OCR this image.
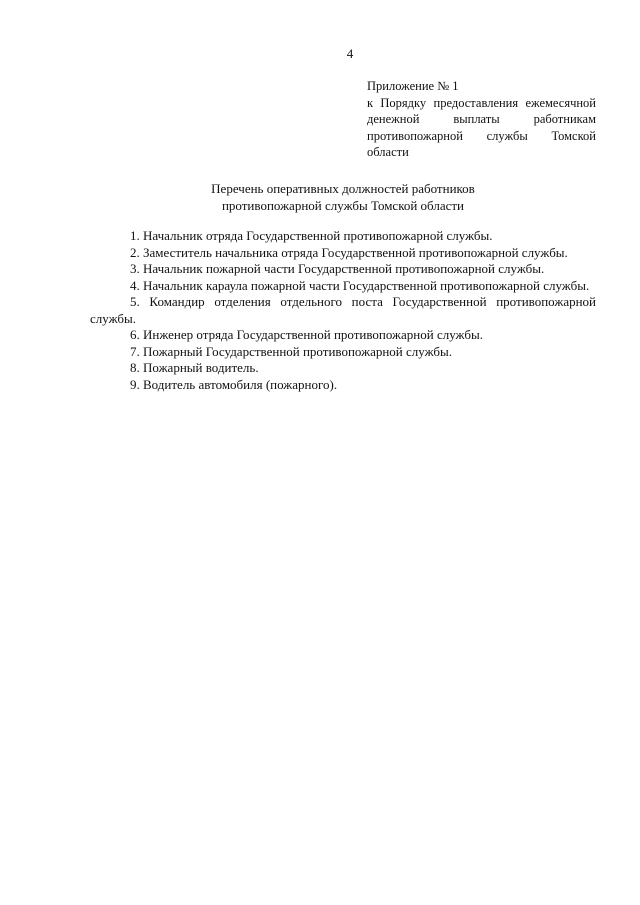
4
Приложение № 1
к Порядку предоставления ежемесячной денежной выплаты работникам противопожарной службы Томской области
Перечень оперативных должностей работников
противопожарной службы Томской области
1. Начальник отряда Государственной противопожарной службы.
2. Заместитель начальника отряда Государственной противопожарной службы.
3. Начальник пожарной части Государственной противопожарной службы.
4. Начальник караула пожарной части Государственной противопожарной службы.
5. Командир отделения отдельного поста Государственной противопожарной службы.
6. Инженер отряда Государственной противопожарной службы.
7. Пожарный Государственной противопожарной службы.
8. Пожарный водитель.
9. Водитель автомобиля (пожарного).
